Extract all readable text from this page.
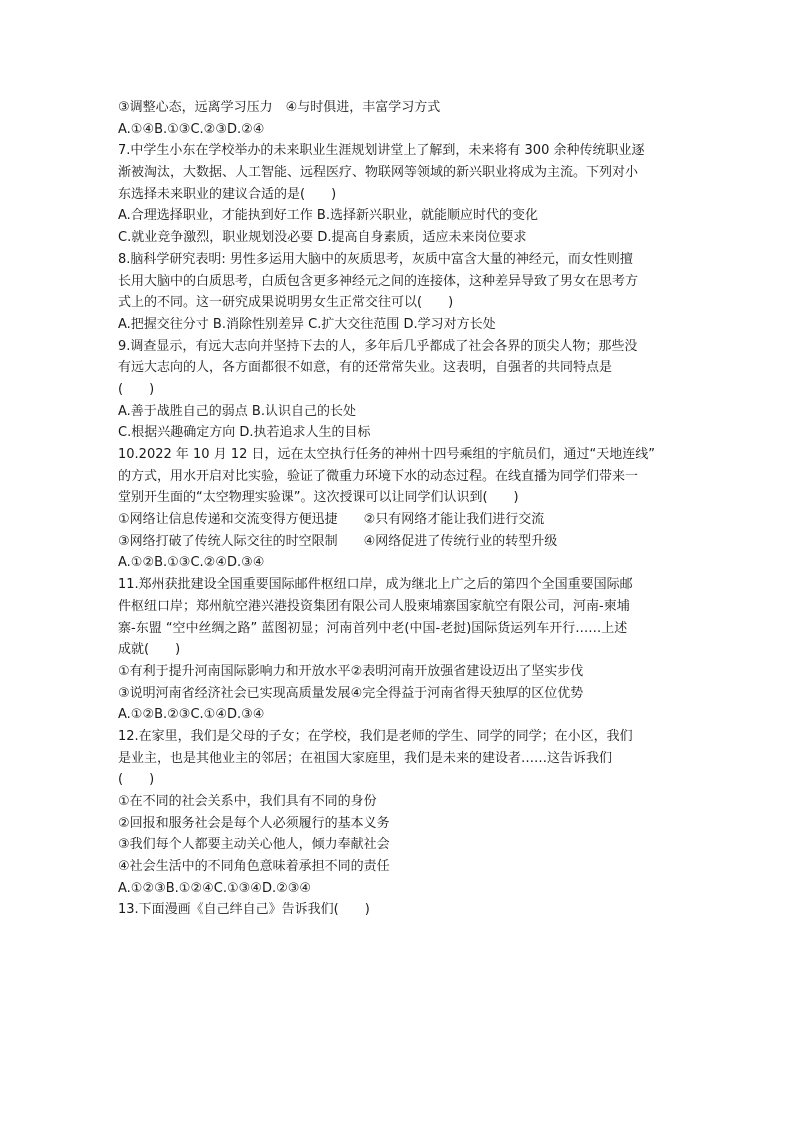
③调整心态，远离学习压力　④与时俱进，丰富学习方式
A.①④B.①③C.②③D.②④
7.中学生小东在学校举办的未来职业生涯规划讲堂上了解到，未来将有 300 余种传统职业逐
渐被淘汰，大数据、人工智能、远程医疗、物联网等领域的新兴职业将成为主流。下列对小
东选择未来职业的建议合适的是(　　)
A.合理选择职业，才能执到好工作 B.选择新兴职业，就能顺应时代的变化
C.就业竞争激烈，职业规划没必要 D.提高自身素质，适应未来岗位要求
8.脑科学研究表明: 男性多运用大脑中的灰质思考，灰质中富含大量的神经元，而女性则擅
长用大脑中的白质思考，白质包含更多神经元之间的连接体，这种差异导致了男女在思考方
式上的不同。这一研究成果说明男女生正常交往可以(　　)
A.把握交往分寸 B.消除性别差异 C.扩大交往范围 D.学习对方长处
9.调查显示，有远大志向并坚持下去的人，多年后几乎都成了社会各界的顶尖人物；那些没
有远大志向的人，各方面都很不如意，有的还常常失业。这表明，自强者的共同特点是
(　　)
A.善于战胜自己的弱点 B.认识自己的长处
C.根据兴趣确定方向 D.执若追求人生的目标
10.2022 年 10 月 12 日，远在太空执行任务的神州十四号乘组的宇航员们，通过“天地连线”
的方式，用水开启对比实验，验证了微重力环境下水的动态过程。在线直播为同学们带来一
堂别开生面的“太空物理实验课”。这次授课可以让同学们认识到(　　)
①网络让信息传递和交流变得方便迅捷　　②只有网络才能让我们进行交流
③网络打破了传统人际交往的时空限制　　④网络促进了传统行业的转型升级
A.①②B.①③C.②④D.③④
11.郑州获批建设全国重要国际邮件枢纽口岸，成为继北上广之后的第四个全国重要国际邮
件枢纽口岸；郑州航空港兴港投资集团有限公司人股柬埔寨国家航空有限公司，河南-柬埔
寨-东盟 “空中丝绸之路” 蓝图初显；河南首列中老(中国-老挝)国际货运列车开行……上述
成就(　　)
①有利于提升河南国际影响力和开放水平②表明河南开放强省建设迈出了坚实步伐
③说明河南省经济社会已实现高质量发展④完全得益于河南省得天独厚的区位优势
A.①②B.②③C.①④D.③④
12.在家里，我们是父母的子女；在学校，我们是老师的学生、同学的同学；在小区，我们
是业主，也是其他业主的邻居；在祖国大家庭里，我们是未来的建设者……这告诉我们
(　　)
①在不同的社会关系中，我们具有不同的身份
②回报和服务社会是每个人必须履行的基本义务
③我们每个人都要主动关心他人，倾力奉献社会
④社会生活中的不同角色意味着承担不同的责任
A.①②③B.①②④C.①③④D.②③④
13.下面漫画《自己绊自己》告诉我们(　　)
